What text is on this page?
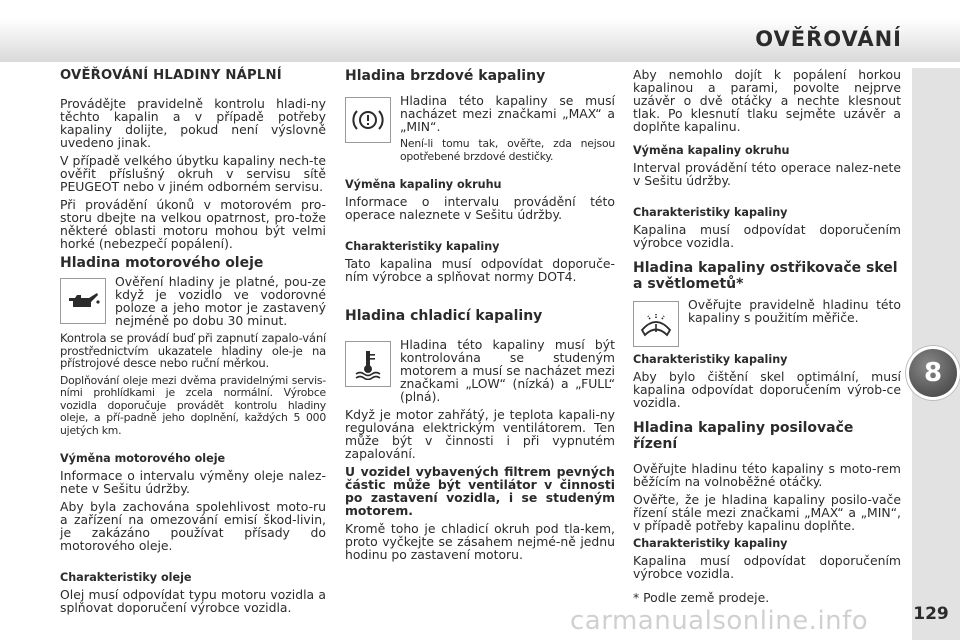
OVĚŘOVÁNÍ
8
OVĚŘOVÁNÍ HLADINY NÁPLNÍ

Provádějte pravidelně kontrolu hladi-ny těchto kapalin a v případě potřeby kapaliny dolijte, pokud není výslovně uvedeno jinak.

V případě velkého úbytku kapaliny nech-te ověřit příslušný okruh v servisu sítě PEUGEOT nebo v jiném odborném servisu.

Při provádění úkonů v motorovém pro-storu dbejte na velkou opatrnost, pro-tože některé oblasti motoru mohou být velmi horké (nebezpečí popálení).

Hladina motorového oleje

Ověření hladiny je platné, pou-ze když je vozidlo ve vodorovné poloze a jeho motor je zastavený nejméně po dobu 30 minut.

Kontrola se provádí buď při zapnutí zapalo-vání prostřednictvím ukazatele hladiny ole-je na přístrojové desce nebo ruční měrkou.

Doplňování oleje mezi dvěma pravidelnými servis-ními prohlídkami je zcela normální. Výrobce vozidla doporučuje provádět kontrolu hladiny oleje, a pří-padně jeho doplnění, každých 5 000 ujetých km.

Výměna motorového oleje

Informace o intervalu výměny oleje nalez-nete v Sešitu údržby.

Aby byla zachována spolehlivost moto-ru a zařízení na omezování emisí škod-livin, je zakázáno používat přísady do motorového oleje.

Charakteristiky oleje

Olej musí odpovídat typu motoru vozidla a splňovat doporučení výrobce vozidla.

Hladina brzdové kapaliny

Hladina této kapaliny se musí nacházet mezi značkami „MAX“ a „MIN“.

Není-li tomu tak, ověřte, zda nejsou opotřebené brzdové destičky.

Výměna kapaliny okruhu

Informace o intervalu provádění této operace naleznete v Sešitu údržby.

Charakteristiky kapaliny

Tato kapalina musí odpovídat doporuče-ním výrobce a splňovat normy DOT4.

Hladina chladicí kapaliny

Hladina této kapaliny musí být kontrolována se studeným motorem a musí se nacházet mezi značkami „LOW“ (nízká) a „FULL“ (plná).

Když je motor zahřátý, je teplota kapali-ny regulována elektrickým ventilátorem. Ten může být v činnosti i při vypnutém zapalování.

U vozidel vybavených filtrem pevných částic může být ventilátor v činnosti po zastavení vozidla, i se studeným motorem.

Kromě toho je chladicí okruh pod tla-kem, proto vyčkejte se zásahem nejmé-ně jednu hodinu po zastavení motoru.

Aby nemohlo dojít k popálení horkou kapalinou a parami, povolte nejprve uzávěr o dvě otáčky a nechte klesnout tlak. Po klesnutí tlaku sejměte uzávěr a doplňte kapalinu.

Výměna kapaliny okruhu

Interval provádění této operace nalez-nete v Sešitu údržby.

Charakteristiky kapaliny

Kapalina musí odpovídat doporučením výrobce vozidla.

Hladina kapaliny ostřikovače skel a světlometů*

Ověřujte pravidelně hladinu této kapaliny s použitím měřiče.

Charakteristiky kapaliny

Aby bylo čištění skel optimální, musí kapalina odpovídat doporučením výrob-ce vozidla.

Hladina kapaliny posilovače řízení

Ověřujte hladinu této kapaliny s moto-rem běžícím na volnoběžné otáčky.

Ověřte, že je hladina kapaliny posilo-vače řízení stále mezi značkami „MAX“ a „MIN“, v případě potřeby kapalinu doplňte.

Charakteristiky kapaliny

Kapalina musí odpovídat doporučením výrobce vozidla.

* Podle země prodeje.

carmanualsonline.info	129
